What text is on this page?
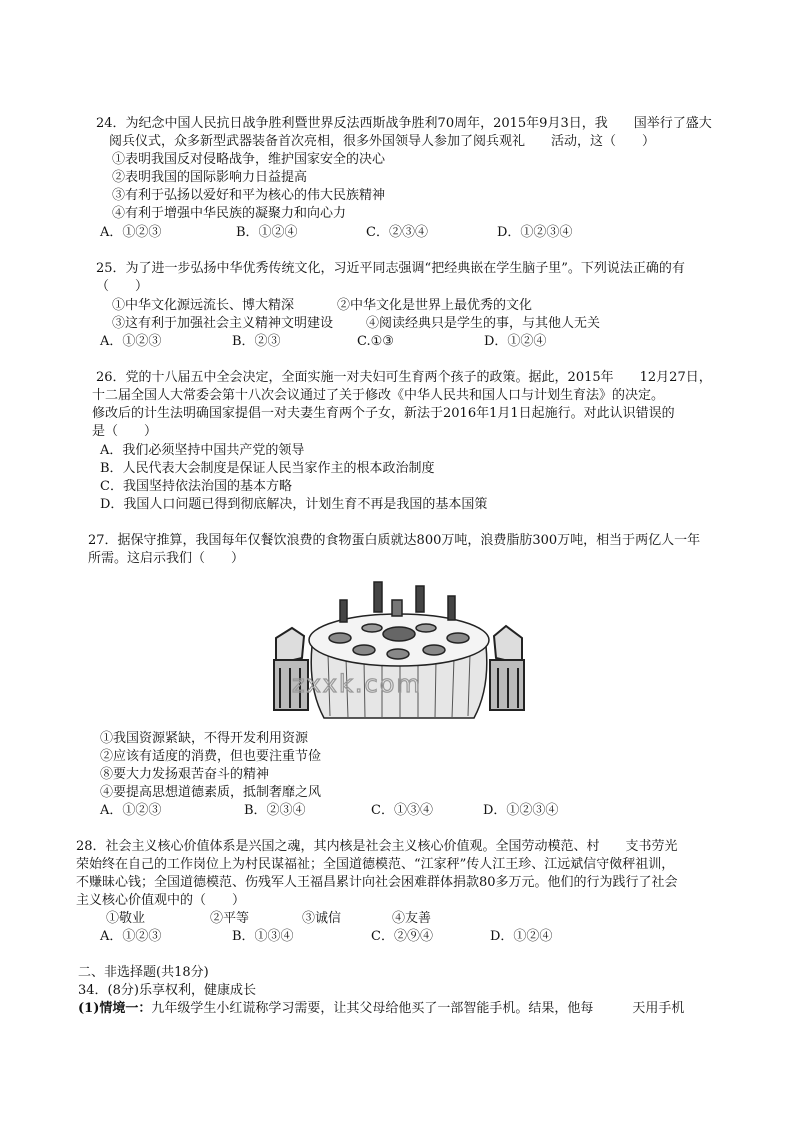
24．为纪念中国人民抗日战争胜利暨世界反法西斯战争胜利70周年，2015年9月3日，我　　国举行了盛大
阅兵仪式，众多新型武器装备首次亮相，很多外国领导人参加了阅兵观礼　　活动，这（　　）
①表明我国反对侵略战争，维护国家安全的决心
②表明我国的国际影响力日益提高
③有利于弘扬以爱好和平为核心的伟大民族精神
④有利于增强中华民族的凝聚力和向心力
A．①②③	B．①②④	C．②③④	D．①②③④
25．为了进一步弘扬中华优秀传统文化，习近平同志强调“把经典嵌在学生脑子里”。下列说法正确的有
（　　）
①中华文化源远流长、博大精深	②中华文化是世界上最优秀的文化
③这有利于加强社会主义精神文明建设	④阅读经典只是学生的事，与其他人无关
A．①②③	B．②③	C.①③	D．①②④
26．党的十八届五中全会决定，全面实施一对夫妇可生育两个孩子的政策。据此，2015年　　12月27日，
十二届全国人大常委会第十八次会议通过了关于修改《中华人民共和国人口与计划生育法》的决定。
修改后的计生法明确国家提倡一对夫妻生育两个子女，新法于2016年1月1日起施行。对此认识错误的
是（　　）
A．我们必须坚持中国共产党的领导
B．人民代表大会制度是保证人民当家作主的根本政治制度
C．我国坚持依法治国的基本方略
D．我国人口问题已得到彻底解决，计划生育不再是我国的基本国策
27．据保守推算，我国每年仅餐饮浪费的食物蛋白质就达800万吨，浪费脂肪300万吨，相当于两亿人一年
所需。这启示我们（　　）
zxxk.com
①我国资源紧缺，不得开发利用资源
②应该有适度的消费，但也要注重节俭
⑧要大力发扬艰苦奋斗的精神
④要提高思想道德素质，抵制奢靡之风
A．①②③	B．②③④	C．①③④	D．①②③④
28．社会主义核心价值体系是兴国之魂，其内核是社会主义核心价值观。全国劳动模范、村　　支书劳光
荣始终在自己的工作岗位上为村民谋福祉；全国道德模范、“江家秤”传人江王珍、江远斌信守傚秤祖训，
不赚昧心钱；全国道德模范、伤残军人王福昌累计向社会困难群体捐款80多万元。他们的行为践行了社会
主义核心价值观中的（　　）
①敬业	②平等	③诚信	④友善
A．①②③	B．①③④	C．②⑨④	D．①②④
二、非选择题(共18分)
34．(8分)乐享权利，健康成长
(1)情境一：九年级学生小红谎称学习需要，让其父母给他买了一部智能手机。结果，他每　　　天用手机
